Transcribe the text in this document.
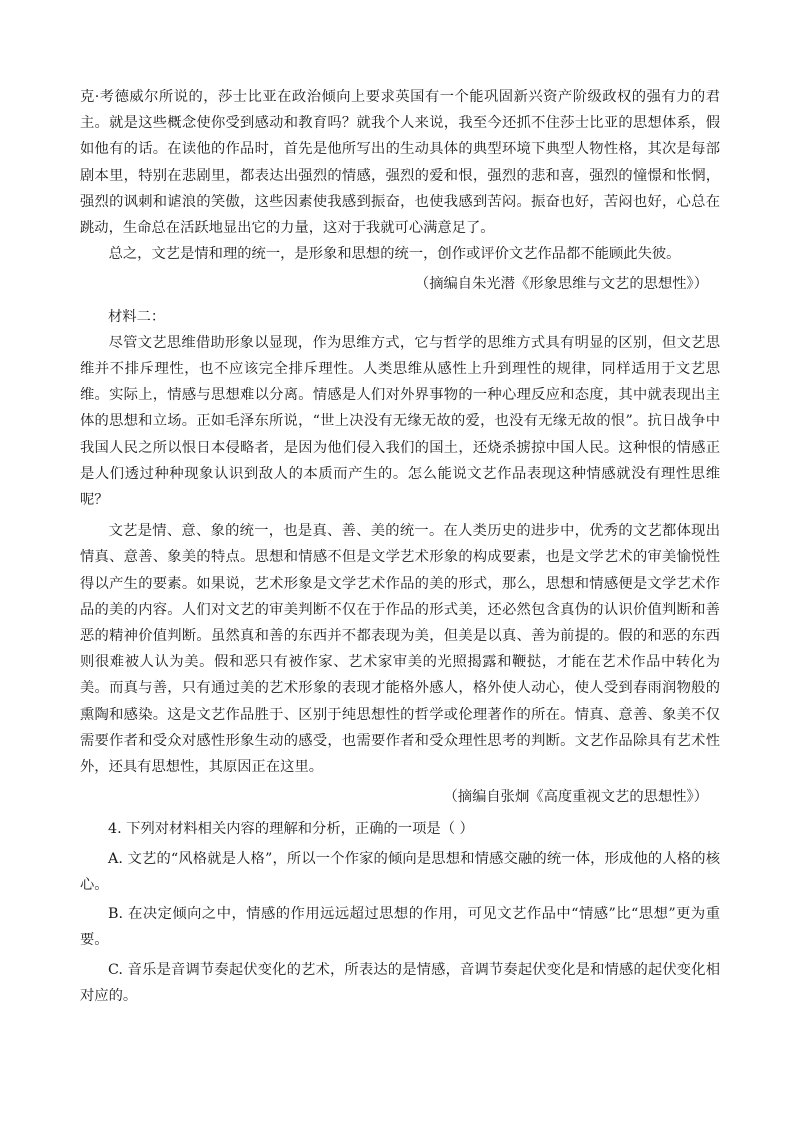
克·考德威尔所说的，莎士比亚在政治倾向上要求英国有一个能巩固新兴资产阶级政权的强有力的君主。就是这些概念使你受到感动和教育吗？就我个人来说，我至今还抓不住莎士比亚的思想体系，假如他有的话。在读他的作品时，首先是他所写出的生动具体的典型环境下典型人物性格，其次是每部剧本里，特别在悲剧里，都表达出强烈的情感，强烈的爱和恨，强烈的悲和喜，强烈的憧憬和怅惘，强烈的讽刺和谑浪的笑傲，这些因素使我感到振奋，也使我感到苦闷。振奋也好，苦闷也好，心总在跳动，生命总在活跃地显出它的力量，这对于我就可心满意足了。

总之，文艺是情和理的统一，是形象和思想的统一，创作或评价文艺作品都不能顾此失彼。

（摘编自朱光潜《形象思维与文艺的思想性》）

材料二：

尽管文艺思维借助形象以显现，作为思维方式，它与哲学的思维方式具有明显的区别，但文艺思维并不排斥理性，也不应该完全排斥理性。人类思维从感性上升到理性的规律，同样适用于文艺思维。实际上，情感与思想难以分离。情感是人们对外界事物的一种心理反应和态度，其中就表现出主体的思想和立场。正如毛泽东所说，“世上决没有无缘无故的爱，也没有无缘无故的恨”。抗日战争中我国人民之所以恨日本侵略者，是因为他们侵入我们的国土，还烧杀掳掠中国人民。这种恨的情感正是人们透过种种现象认识到敌人的本质而产生的。怎么能说文艺作品表现这种情感就没有理性思维呢？

文艺是情、意、象的统一，也是真、善、美的统一。在人类历史的进步中，优秀的文艺都体现出情真、意善、象美的特点。思想和情感不但是文学艺术形象的构成要素，也是文学艺术的审美愉悦性得以产生的要素。如果说，艺术形象是文学艺术作品的美的形式，那么，思想和情感便是文学艺术作品的美的内容。人们对文艺的审美判断不仅在于作品的形式美，还必然包含真伪的认识价值判断和善恶的精神价值判断。虽然真和善的东西并不都表现为美，但美是以真、善为前提的。假的和恶的东西则很难被人认为美。假和恶只有被作家、艺术家审美的光照揭露和鞭挞，才能在艺术作品中转化为美。而真与善，只有通过美的艺术形象的表现才能格外感人，格外使人动心，使人受到春雨润物般的熏陶和感染。这是文艺作品胜于、区别于纯思想性的哲学或伦理著作的所在。情真、意善、象美不仅需要作者和受众对感性形象生动的感受，也需要作者和受众理性思考的判断。文艺作品除具有艺术性外，还具有思想性，其原因正在这里。

（摘编自张炯《高度重视文艺的思想性》）

4. 下列对材料相关内容的理解和分析，正确的一项是（ ）

A. 文艺的“风格就是人格”，所以一个作家的倾向是思想和情感交融的统一体，形成他的人格的核心。

B. 在决定倾向之中，情感的作用远远超过思想的作用，可见文艺作品中“情感”比“思想”更为重要。

C. 音乐是音调节奏起伏变化的艺术，所表达的是情感，音调节奏起伏变化是和情感的起伏变化相对应的。
